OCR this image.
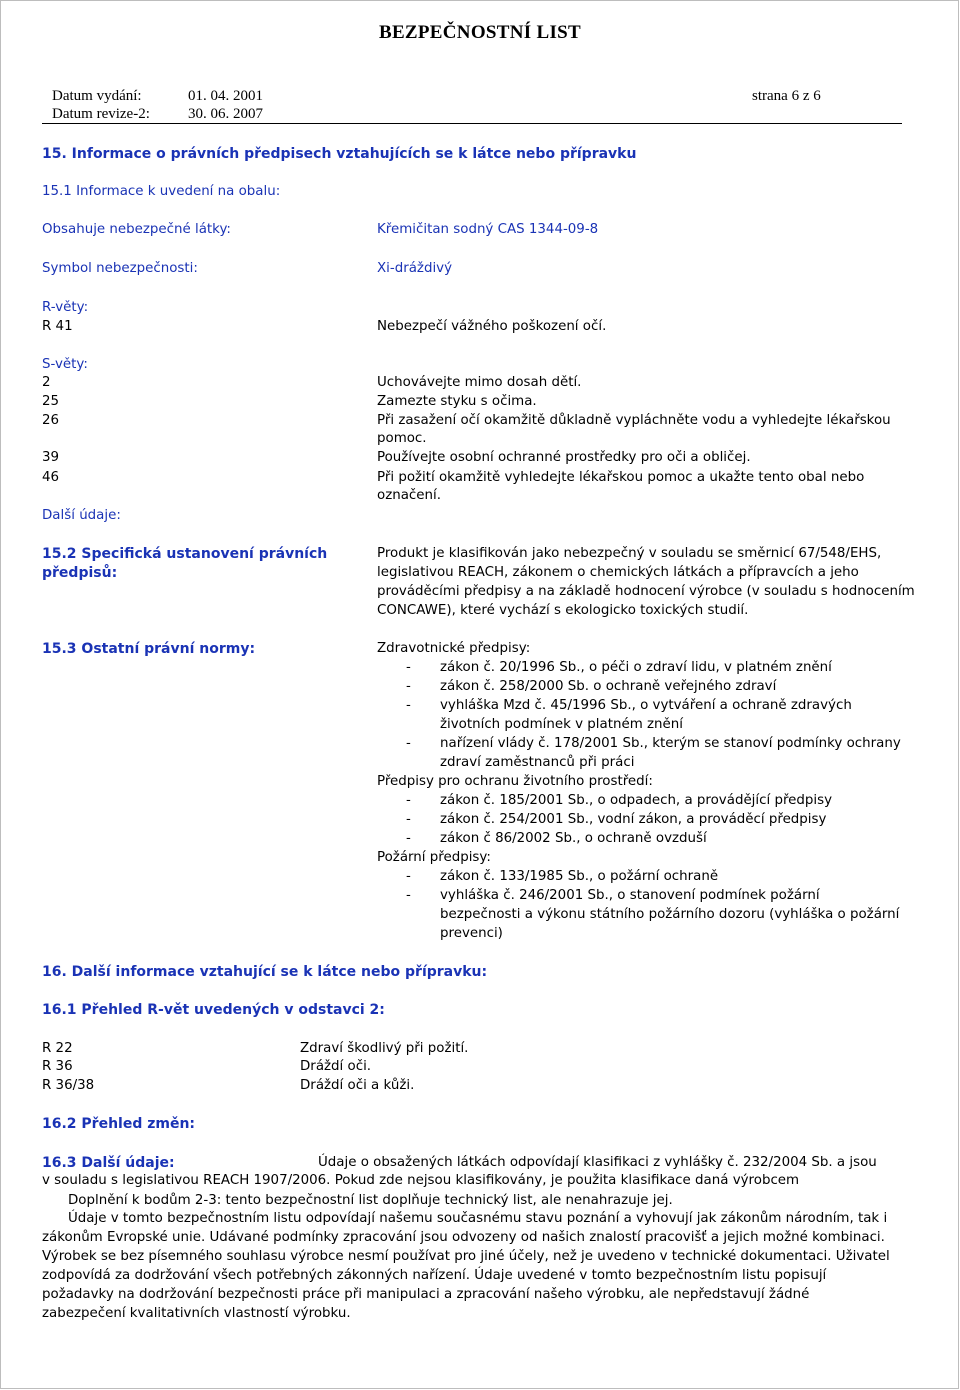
BEZPEČNOSTNÍ LIST
Datum vydání:	01. 04. 2001	strana 6 z 6
Datum revize-2:	30. 06. 2007
15. Informace o právních předpisech vztahujících se k látce nebo přípravku
15.1 Informace k uvedení na obalu:
Obsahuje nebezpečné látky:	Křemičitan sodný CAS 1344-09-8
Symbol nebezpečnosti:	Xi-dráždivý
R-věty:
R 41	Nebezpečí vážného poškození očí.
S-věty:
2	Uchovávejte mimo dosah dětí.
25	Zamezte styku s očima.
26	Při zasažení očí okamžitě důkladně vypláchněte vodu a vyhledejte lékařskou
pomoc.
39	Používejte osobní ochranné prostředky pro oči a obličej.
46	Při požití okamžitě vyhledejte lékařskou pomoc a ukažte tento obal nebo
označení.
Další údaje:
15.2 Specifická ustanovení právních
předpisů:
Produkt je klasifikován jako nebezpečný v souladu se směrnicí 67/548/EHS,
legislativou REACH, zákonem o chemických látkách a přípravcích a jeho
prováděcími předpisy a na základě hodnocení výrobce (v souladu s hodnocením
CONCAWE), které vychází s ekologicko toxických studií.
15.3 Ostatní právní normy:	Zdravotnické předpisy:
- zákon č. 20/1996 Sb., o péči o zdraví lidu, v platném znění
- zákon č. 258/2000 Sb. o ochraně veřejného zdraví
- vyhláška Mzd č. 45/1996 Sb., o vytváření a ochraně zdravých
životních podmínek v platném znění
- nařízení vlády č. 178/2001 Sb., kterým se stanoví podmínky ochrany
zdraví zaměstnanců při práci
Předpisy pro ochranu životního prostředí:
- zákon č. 185/2001 Sb., o odpadech, a provádějící předpisy
- zákon č. 254/2001 Sb., vodní zákon, a prováděcí předpisy
- zákon č 86/2002 Sb., o ochraně ovzduší
Požární předpisy:
- zákon č. 133/1985 Sb., o požární ochraně
- vyhláška č. 246/2001 Sb., o stanovení podmínek požární
bezpečnosti a výkonu státního požárního dozoru (vyhláška o požární
prevenci)
16. Další informace vztahující se k látce nebo přípravku:
16.1 Přehled R-vět uvedených v odstavci 2:
R 22	Zdraví škodlivý při požití.
R 36	Dráždí oči.
R 36/38	Dráždí oči a kůži.
16.2 Přehled změn:
16.3 Další údaje:	Údaje o obsažených látkách odpovídají klasifikaci z vyhlášky č. 232/2004 Sb. a jsou
v souladu s legislativou REACH 1907/2006. Pokud zde nejsou klasifikovány, je použita klasifikace daná výrobcem
Doplnění k bodům 2-3: tento bezpečnostní list doplňuje technický list, ale nenahrazuje jej.
Údaje v tomto bezpečnostním listu odpovídají našemu současnému stavu poznání a vyhovují jak zákonům národním, tak i
zákonům Evropské unie. Udávané podmínky zpracování jsou odvozeny od našich znalostí pracovišť a jejich možné kombinaci.
Výrobek se bez písemného souhlasu výrobce nesmí používat pro jiné účely, než je uvedeno v technické dokumentaci. Uživatel
zodpovídá za dodržování všech potřebných zákonných nařízení. Údaje uvedené v tomto bezpečnostním listu popisují
požadavky na dodržování bezpečnosti práce při manipulaci a zpracování našeho výrobku, ale nepředstavují žádné
zabezpečení kvalitativních vlastností výrobku.
